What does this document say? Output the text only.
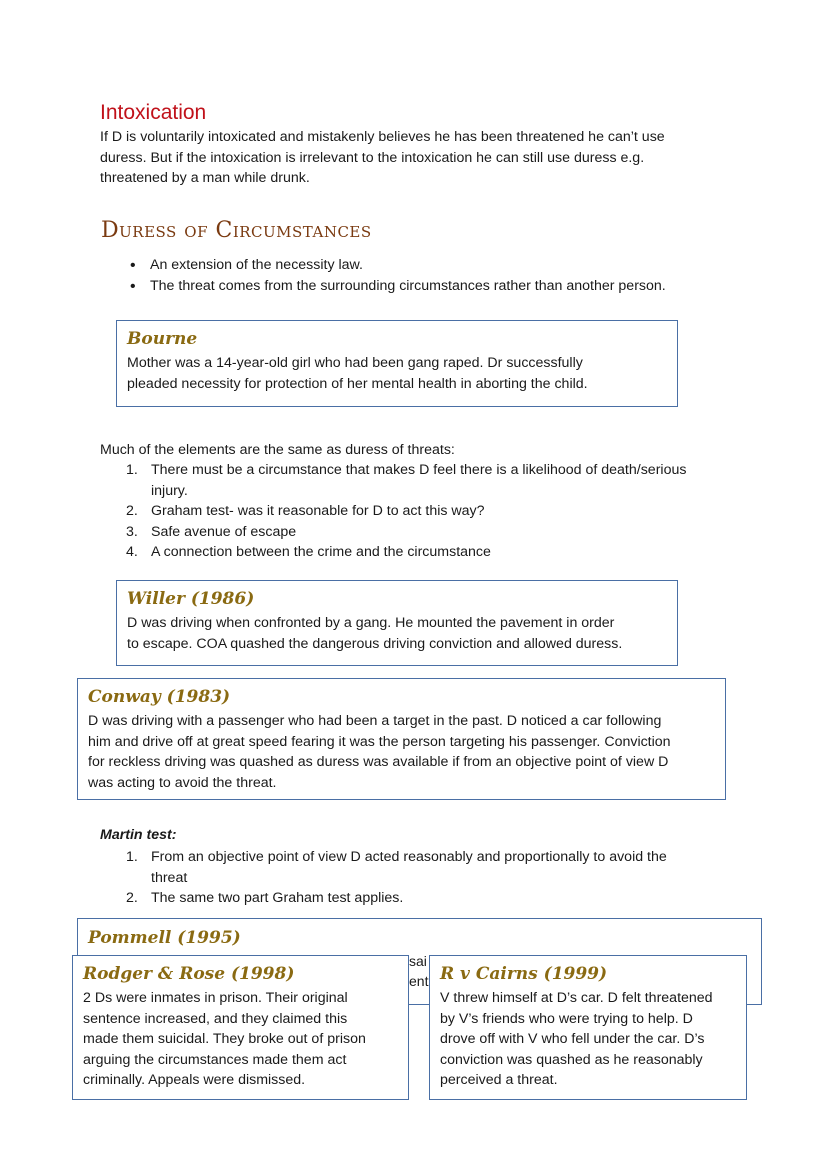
Intoxication
If D is voluntarily intoxicated and mistakenly believes he has been threatened he can’t use
duress. But if the intoxication is irrelevant to the intoxication he can still use duress e.g.
threatened by a man while drunk.
Duress of Circumstances
• An extension of the necessity law.
• The threat comes from the surrounding circumstances rather than another person.
Bourne
Mother was a 14-year-old girl who had been gang raped. Dr successfully
pleaded necessity for protection of her mental health in aborting the child.
Much of the elements are the same as duress of threats:
1. There must be a circumstance that makes D feel there is a likelihood of death/serious
injury.
2. Graham test- was it reasonable for D to act this way?
3. Safe avenue of escape
4. A connection between the crime and the circumstance
Willer (1986)
D was driving when confronted by a gang. He mounted the pavement in order
to escape. COA quashed the dangerous driving conviction and allowed duress.
Conway (1983)
D was driving with a passenger who had been a target in the past. D noticed a car following
him and drive off at great speed fearing it was the person targeting his passenger. Conviction
for reckless driving was quashed as duress was available if from an objective point of view D
was acting to avoid the threat.
Martin test:
1. From an objective point of view D acted reasonably and proportionally to avoid the
threat
2. The same two part Graham test applies.
Pommell (1995)
sai
ent
Rodger & Rose (1998)
2 Ds were inmates in prison. Their original
sentence increased, and they claimed this
made them suicidal. They broke out of prison
arguing the circumstances made them act
criminally. Appeals were dismissed.
R v Cairns (1999)
V threw himself at D’s car. D felt threatened
by V’s friends who were trying to help. D
drove off with V who fell under the car. D’s
conviction was quashed as he reasonably
perceived a threat.
